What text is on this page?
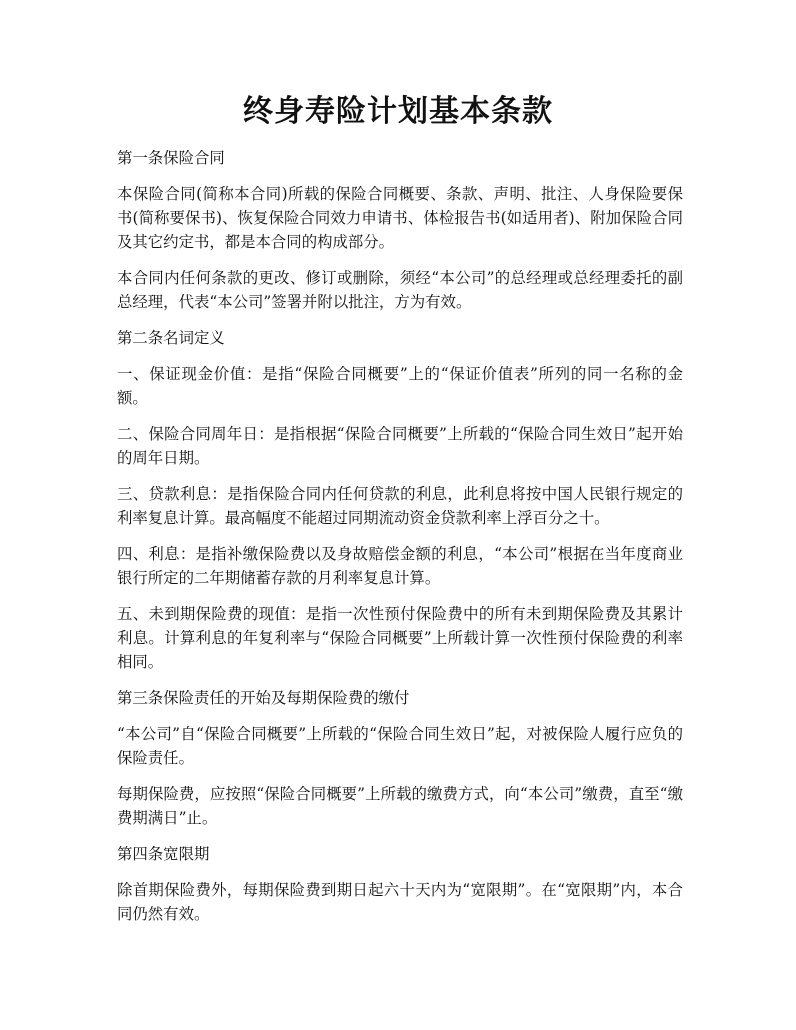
终身寿险计划基本条款

第一条保险合同

本保险合同(简称本合同)所载的保险合同概要、条款、声明、批注、人身保险要保书(简称要保书)、恢复保险合同效力申请书、体检报告书(如适用者)、附加保险合同及其它约定书，都是本合同的构成部分。

本合同内任何条款的更改、修订或删除，须经“本公司”的总经理或总经理委托的副总经理，代表“本公司”签署并附以批注，方为有效。

第二条名词定义

一、保证现金价值：是指“保险合同概要”上的“保证价值表”所列的同一名称的金额。

二、保险合同周年日：是指根据“保险合同概要”上所载的“保险合同生效日”起开始的周年日期。

三、贷款利息：是指保险合同内任何贷款的利息，此利息将按中国人民银行规定的利率复息计算。最高幅度不能超过同期流动资金贷款利率上浮百分之十。

四、利息：是指补缴保险费以及身故赔偿金额的利息，“本公司”根据在当年度商业银行所定的二年期储蓄存款的月利率复息计算。

五、未到期保险费的现值：是指一次性预付保险费中的所有未到期保险费及其累计利息。计算利息的年复利率与“保险合同概要”上所载计算一次性预付保险费的利率相同。

第三条保险责任的开始及每期保险费的缴付

“本公司”自“保险合同概要”上所载的“保险合同生效日”起，对被保险人履行应负的保险责任。

每期保险费，应按照“保险合同概要”上所载的缴费方式，向“本公司”缴费，直至“缴费期满日”止。

第四条宽限期

除首期保险费外，每期保险费到期日起六十天内为“宽限期”。在“宽限期”内，本合同仍然有效。
